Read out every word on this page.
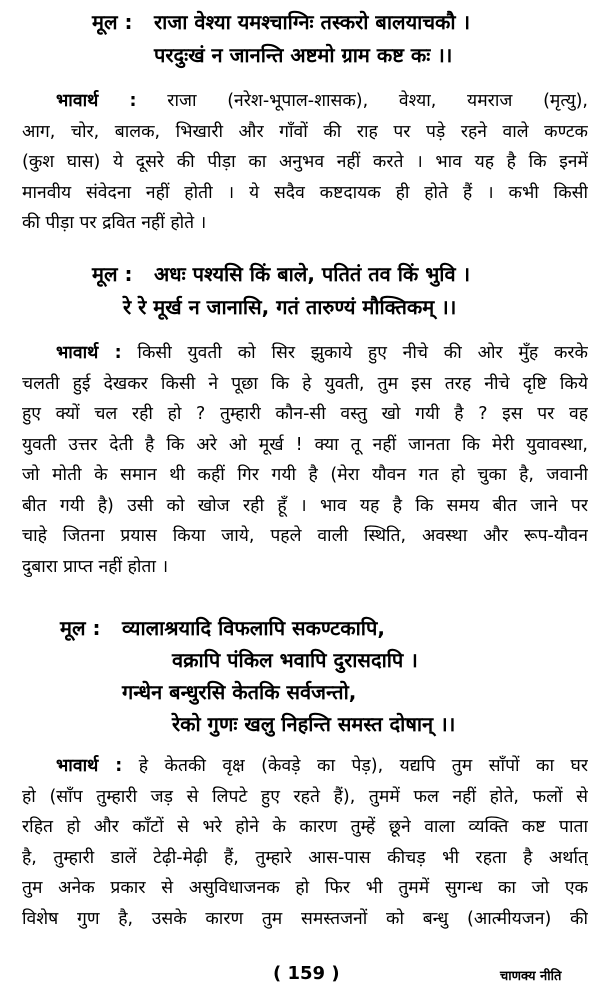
मूल : राजा वेश्या यमश्चाग्निः तस्करो बालयाचकौ ।
परदुःखं न जानन्ति अष्टमो ग्राम कष्ट कः ।।
भावार्थ : राजा (नरेश-भूपाल-शासक), वेश्या, यमराज (मृत्यु),
आग, चोर, बालक, भिखारी और गाँवों की राह पर पड़े रहने वाले कण्टक
(कुश घास) ये दूसरे की पीड़ा का अनुभव नहीं करते । भाव यह है कि इनमें
मानवीय संवेदना नहीं होती । ये सदैव कष्टदायक ही होते हैं । कभी किसी
की पीड़ा पर द्रवित नहीं होते ।
मूल : अधः पश्यसि किं बाले, पतितं तव किं भुवि ।
रे रे मूर्ख न जानासि, गतं तारुण्यं मौक्तिकम् ।।
भावार्थ : किसी युवती को सिर झुकाये हुए नीचे की ओर मुँह करके
चलती हुई देखकर किसी ने पूछा कि हे युवती, तुम इस तरह नीचे दृष्टि किये
हुए क्यों चल रही हो ? तुम्हारी कौन-सी वस्तु खो गयी है ? इस पर वह
युवती उत्तर देती है कि अरे ओ मूर्ख ! क्या तू नहीं जानता कि मेरी युवावस्था,
जो मोती के समान थी कहीं गिर गयी है (मेरा यौवन गत हो चुका है, जवानी
बीत गयी है) उसी को खोज रही हूँ । भाव यह है कि समय बीत जाने पर
चाहे जितना प्रयास किया जाये, पहले वाली स्थिति, अवस्था और रूप-यौवन
दुबारा प्राप्त नहीं होता ।
मूल : व्यालाश्रयादि विफलापि सकण्टकापि,
वक्रापि पंकिल भवापि दुरासदापि ।
गन्धेन बन्धुरसि केतकि सर्वजन्तो,
रेको गुणः खलु निहन्ति समस्त दोषान् ।।
भावार्थ : हे केतकी वृक्ष (केवड़े का पेड़), यद्यपि तुम साँपों का घर
हो (साँप तुम्हारी जड़ से लिपटे हुए रहते हैं), तुममें फल नहीं होते, फलों से
रहित हो और काँटों से भरे होने के कारण तुम्हें छूने वाला व्यक्ति कष्ट पाता
है, तुम्हारी डालें टेढ़ी-मेढ़ी हैं, तुम्हारे आस-पास कीचड़ भी रहता है अर्थात्
तुम अनेक प्रकार से असुविधाजनक हो फिर भी तुममें सुगन्ध का जो एक
विशेष गुण है, उसके कारण तुम समस्तजनों को बन्धु (आत्मीयजन) की
( 159 )	चाणक्य नीति
